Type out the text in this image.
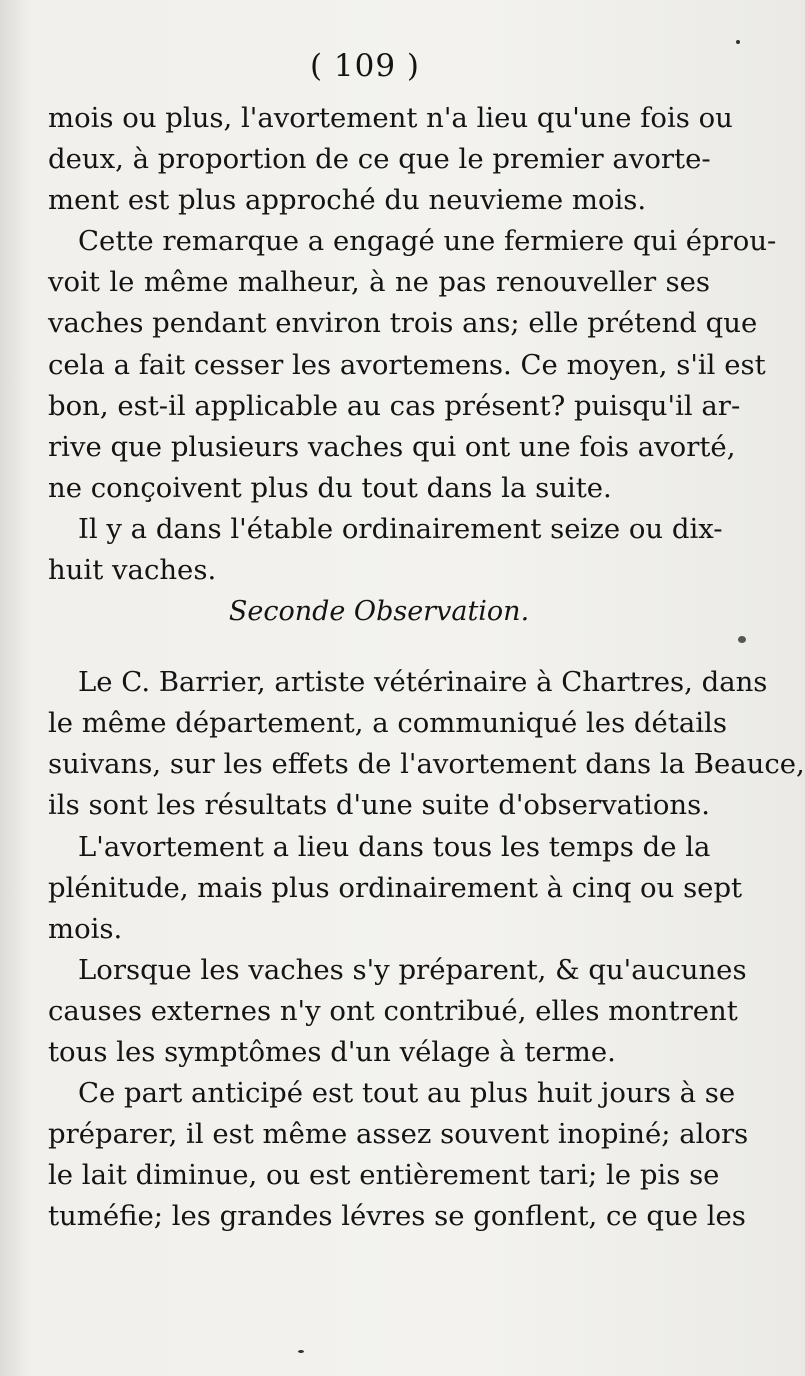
( 109 )
mois ou plus, l'avortement n'a lieu qu'une fois ou
deux, à proportion de ce que le premier avorte-
ment est plus approché du neuvieme mois.
Cette remarque a engagé une fermiere qui éprou-
voit le même malheur, à ne pas renouveller ses
vaches pendant environ trois ans; elle prétend que
cela a fait cesser les avortemens. Ce moyen, s'il est
bon, est-il applicable au cas présent? puisqu'il ar-
rive que plusieurs vaches qui ont une fois avorté,
ne conçoivent plus du tout dans la suite.
Il y a dans l'étable ordinairement seize ou dix-
huit vaches.
Seconde Observation.
Le C. Barrier, artiste vétérinaire à Chartres, dans
le même département, a communiqué les détails
suivans, sur les effets de l'avortement dans la Beauce,
ils sont les résultats d'une suite d'observations.
L'avortement a lieu dans tous les temps de la
plénitude, mais plus ordinairement à cinq ou sept
mois.
Lorsque les vaches s'y préparent, & qu'aucunes
causes externes n'y ont contribué, elles montrent
tous les symptômes d'un vélage à terme.
Ce part anticipé est tout au plus huit jours à se
préparer, il est même assez souvent inopiné; alors
le lait diminue, ou est entièrement tari; le pis se
tuméfie; les grandes lévres se gonflent, ce que les
